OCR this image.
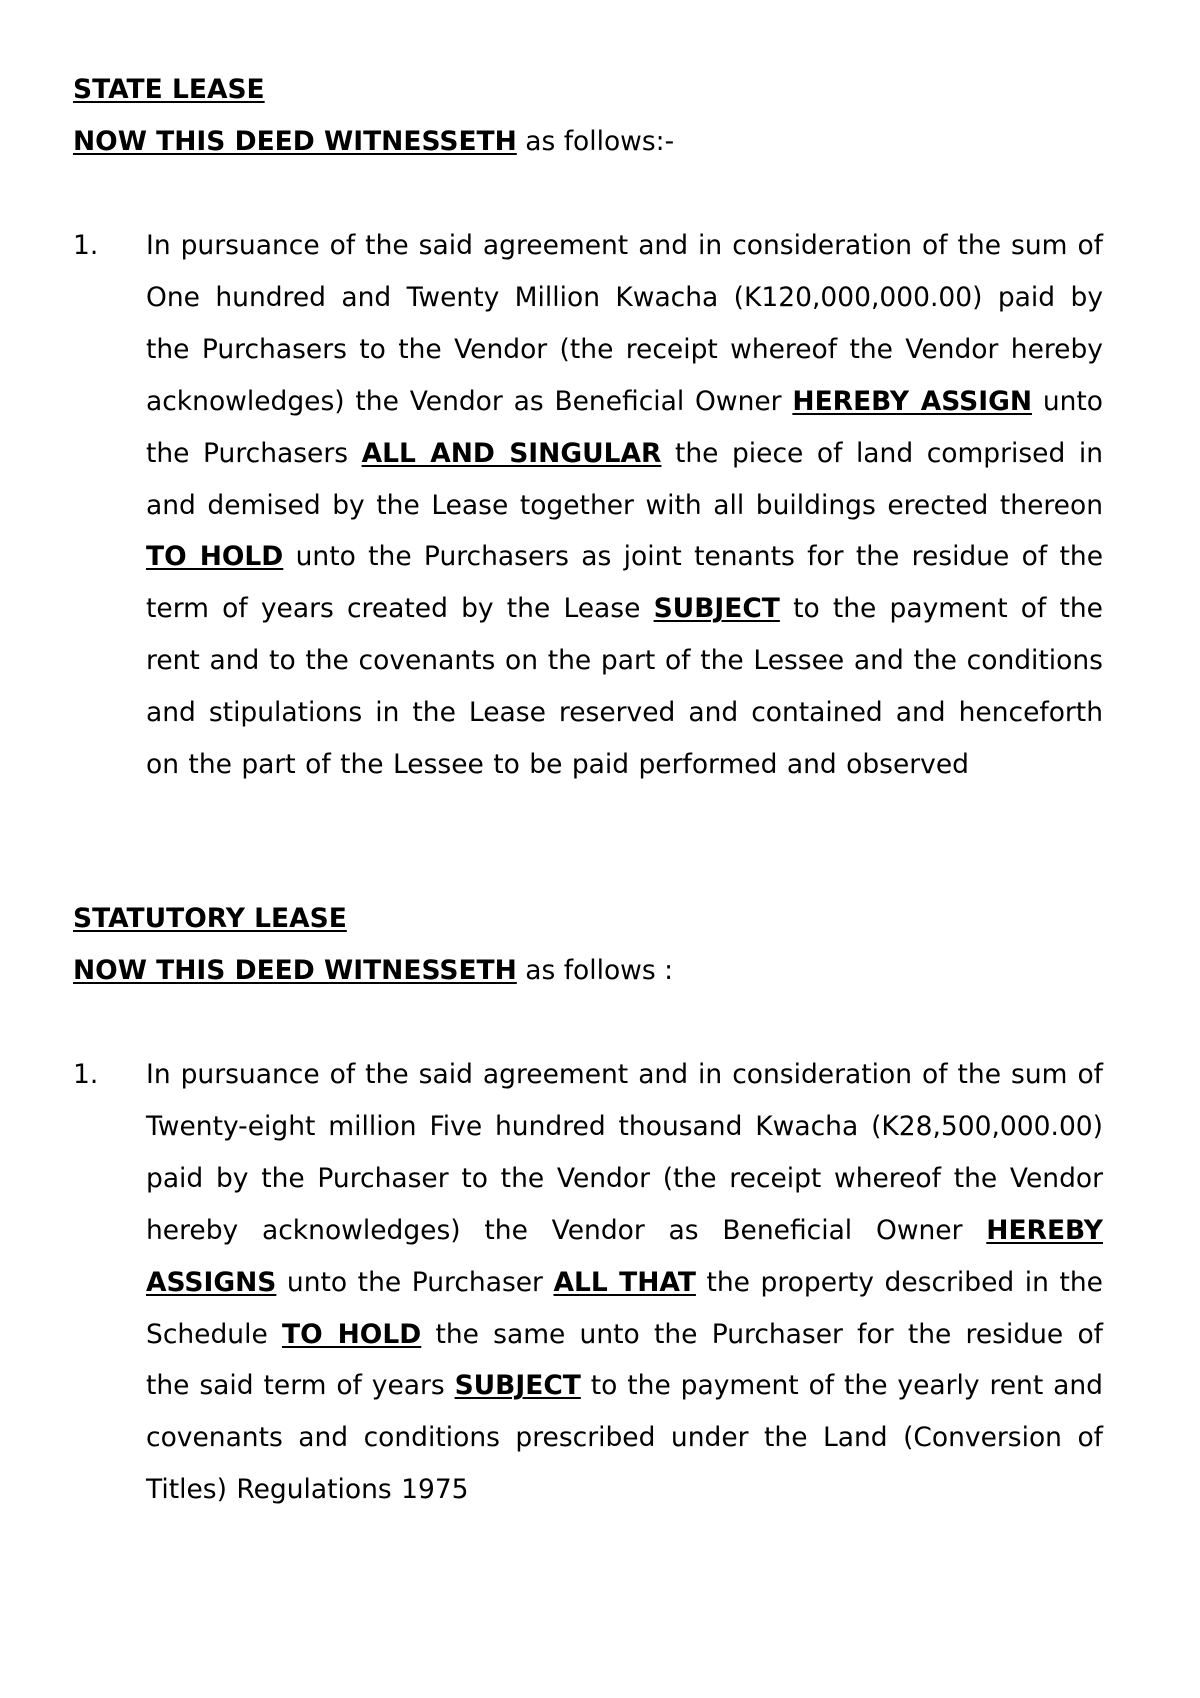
STATE LEASE
NOW THIS DEED WITNESSETH as follows:-
1. In pursuance of the said agreement and in consideration of the sum of One hundred and Twenty Million Kwacha (K120,000,000.00) paid by the Purchasers to the Vendor (the receipt whereof the Vendor hereby acknowledges) the Vendor as Beneficial Owner HEREBY ASSIGN unto the Purchasers ALL AND SINGULAR the piece of land comprised in and demised by the Lease together with all buildings erected thereon TO HOLD unto the Purchasers as joint tenants for the residue of the term of years created by the Lease SUBJECT to the payment of the rent and to the covenants on the part of the Lessee and the conditions and stipulations in the Lease reserved and contained and henceforth on the part of the Lessee to be paid performed and observed
STATUTORY LEASE
NOW THIS DEED WITNESSETH as follows :
1. In pursuance of the said agreement and in consideration of the sum of Twenty-eight million Five hundred thousand Kwacha (K28,500,000.00) paid by the Purchaser to the Vendor (the receipt whereof the Vendor hereby acknowledges) the Vendor as Beneficial Owner HEREBY ASSIGNS unto the Purchaser ALL THAT the property described in the Schedule TO HOLD the same unto the Purchaser for the residue of the said term of years SUBJECT to the payment of the yearly rent and covenants and conditions prescribed under the Land (Conversion of Titles) Regulations 1975
